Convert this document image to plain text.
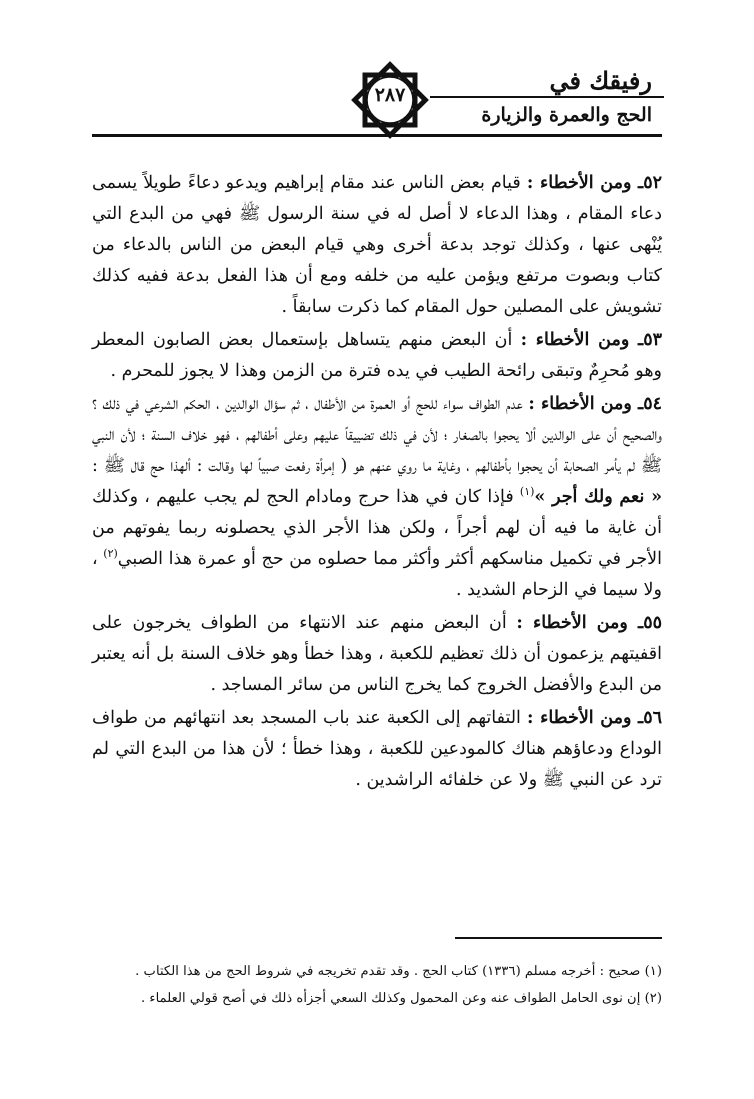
رفيقك في
الحج والعمرة والزيارة
٢٨٧

٥٢ـ ومن الأخطاء : قيام بعض الناس عند مقام إبراهيم ويدعو دعاءً طويلاً يسمى دعاء المقام ، وهذا الدعاء لا أصل له في سنة الرسول ﷺ فهي من البدع التي يُنْهى عنها ، وكذلك توجد بدعة أخرى وهي قيام البعض من الناس بالدعاء من كتاب وبصوت مرتفع ويؤمن عليه من خلفه ومع أن هذا الفعل بدعة ففيه كذلك تشويش على المصلين حول المقام كما ذكرت سابقاً .

٥٣ـ ومن الأخطاء : أن البعض منهم يتساهل بإستعمال بعض الصابون المعطر وهو مُحرِمٌ وتبقى رائحة الطيب في يده فترة من الزمن وهذا لا يجوز للمحرم .

٥٤ـ ومن الأخطاء : عدم الطواف سواء للحج أو العمرة من الأطفال ، ثم سؤال الوالدين ، الحكم الشرعي في ذلك ؟ والصحيح أن على الوالدين ألا يحجوا بالصغار ؛ لأن في ذلك تضييقاً عليهم وعلى أطفالهم ، فهو خلاف السنة ؛ لأن النبي ﷺ لم يأمر الصحابة أن يحجوا بأطفالهم ، وغاية ما روي عنهم هو ( إمرأة رفعت صبياً لها وقالت : ألهذا حج قال ﷺ : « نعم ولك أجر »$^{(١)}$ فإذا كان في هذا حرج ومادام الحج لم يجب عليهم ، وكذلك أن غاية ما فيه أن لهم أجراً ، ولكن هذا الأجر الذي يحصلونه ربما يفوتهم من الأجر في تكميل مناسكهم أكثر وأكثر مما حصلوه من حج أو عمرة هذا الصبي$^{(٢)}$ ، ولا سيما في الزحام الشديد .

٥٥ـ ومن الأخطاء : أن البعض منهم عند الانتهاء من الطواف يخرجون على اقفيتهم يزعمون أن ذلك تعظيم للكعبة ، وهذا خطأ وهو خلاف السنة بل أنه يعتبر من البدع والأفضل الخروج كما يخرج الناس من سائر المساجد .

٥٦ـ ومن الأخطاء : التفاتهم إلى الكعبة عند باب المسجد بعد انتهائهم من طواف الوداع ودعاؤهم هناك كالمودعين للكعبة ، وهذا خطأ ؛ لأن هذا من البدع التي لم ترد عن النبي ﷺ ولا عن خلفائه الراشدين .

(١) صحيح : أخرجه مسلم (١٣٣٦) كتاب الحج . وقد تقدم تخريجه في شروط الحج من هذا الكتاب .

(٢) إن نوى الحامل الطواف عنه وعن المحمول وكذلك السعي أجزأه ذلك في أصح قولي العلماء .
